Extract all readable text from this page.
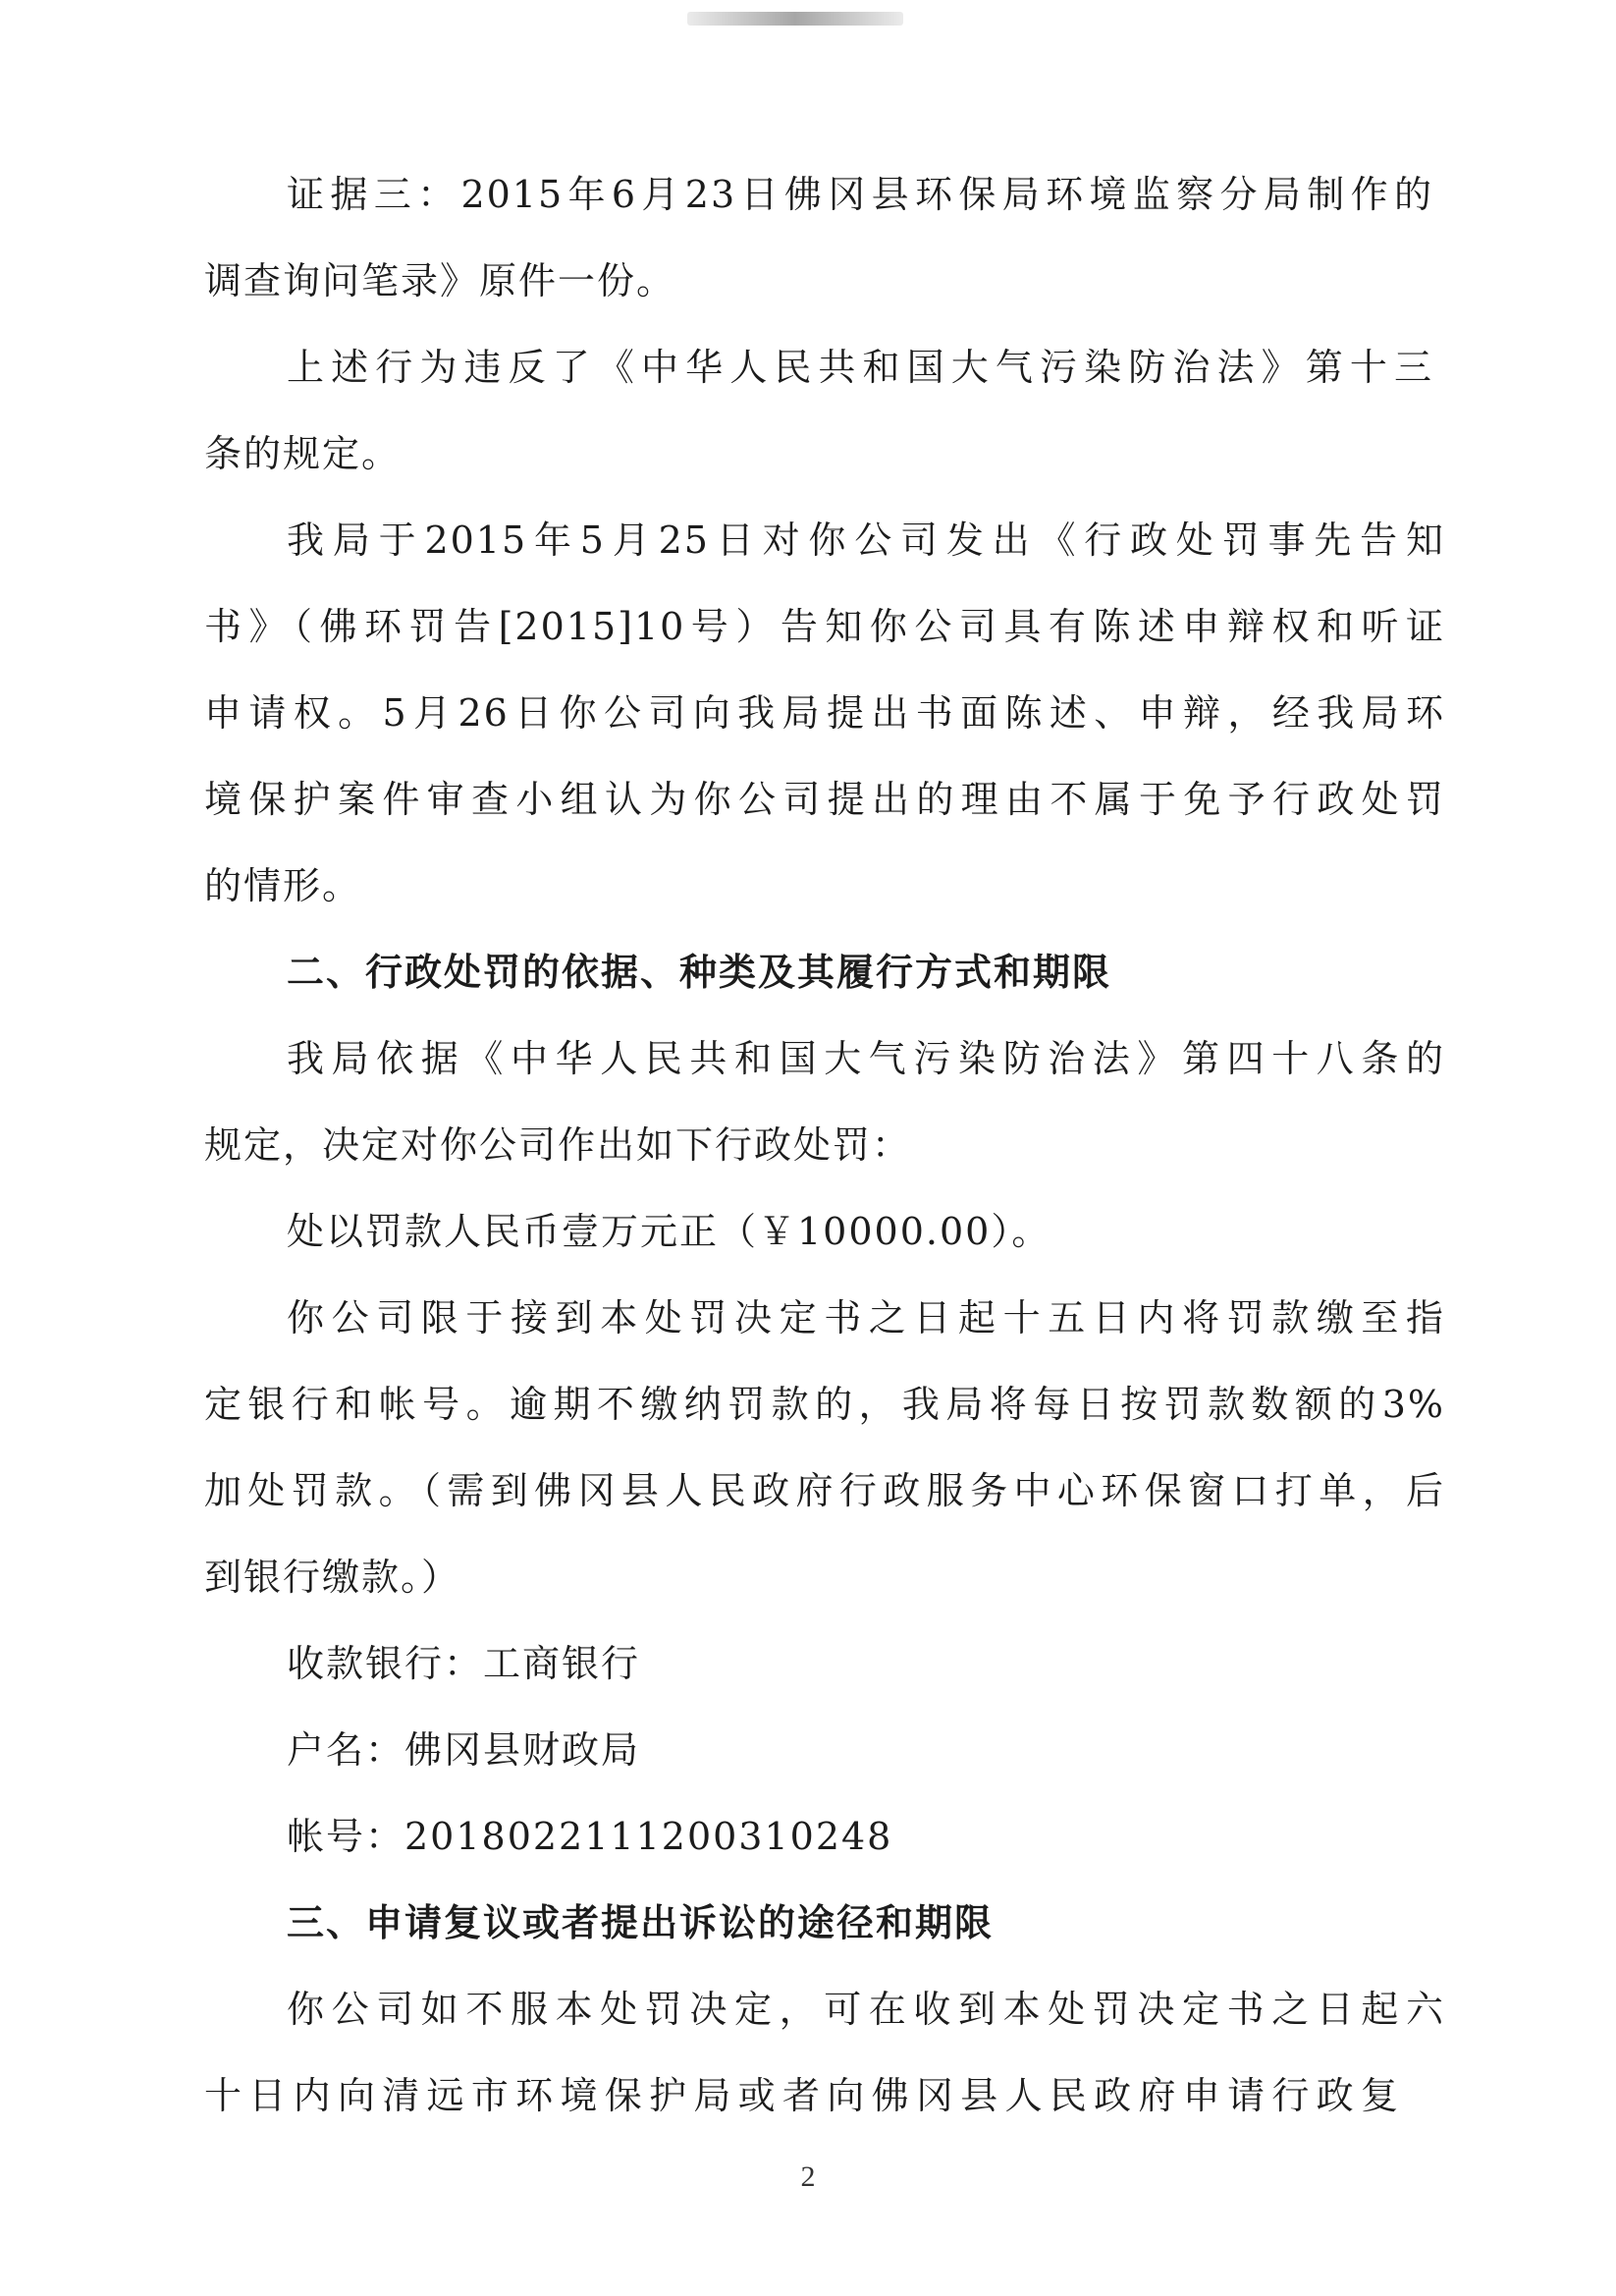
证据三：2015年6月23日佛冈县环保局环境监察分局制作的
调查询问笔录》原件一份。
上述行为违反了《中华人民共和国大气污染防治法》第十三
条的规定。
我局于2015年5月25日对你公司发出《行政处罚事先告知
书》（佛环罚告[2015]10号）告知你公司具有陈述申辩权和听证
申请权。5月26日你公司向我局提出书面陈述、申辩，经我局环
境保护案件审查小组认为你公司提出的理由不属于免予行政处罚
的情形。
二、行政处罚的依据、种类及其履行方式和期限
我局依据《中华人民共和国大气污染防治法》第四十八条的
规定，决定对你公司作出如下行政处罚：
处以罚款人民币壹万元正（￥10000.00）。
你公司限于接到本处罚决定书之日起十五日内将罚款缴至指
定银行和帐号。逾期不缴纳罚款的，我局将每日按罚款数额的3%
加处罚款。（需到佛冈县人民政府行政服务中心环保窗口打单，后
到银行缴款。）
收款银行：工商银行
户名：佛冈县财政局
帐号：2018022111200310248
三、申请复议或者提出诉讼的途径和期限
你公司如不服本处罚决定，可在收到本处罚决定书之日起六
十日内向清远市环境保护局或者向佛冈县人民政府申请行政复
2
